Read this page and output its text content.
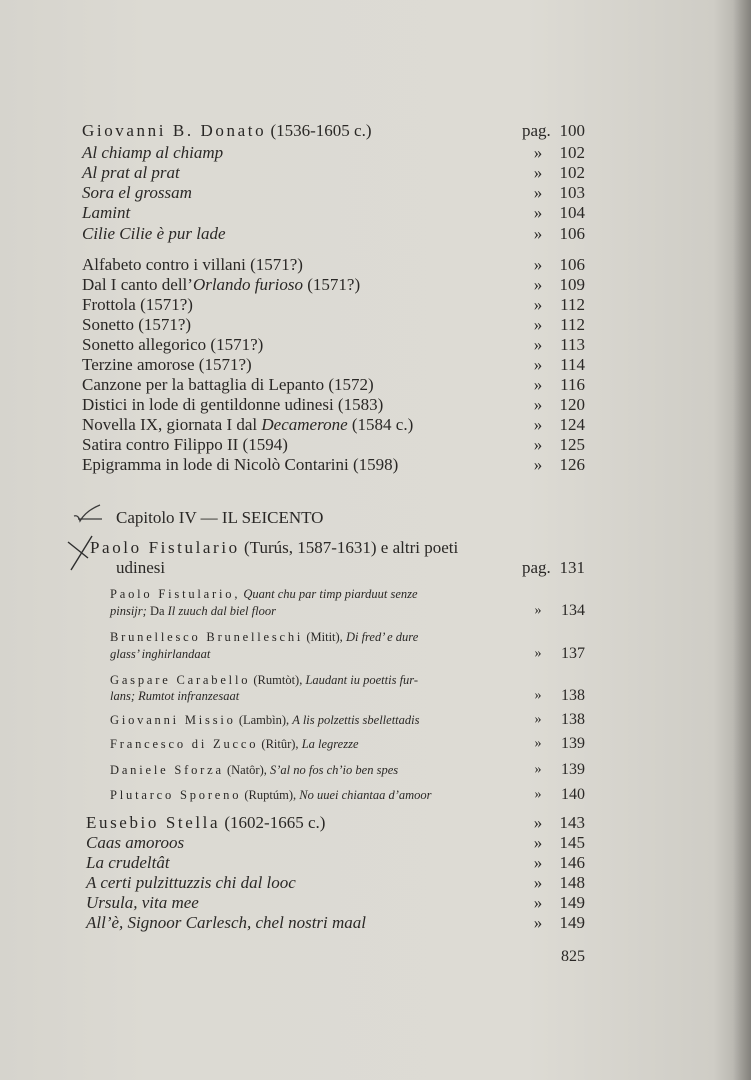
Giovanni B. Donato (1536-1605 c.)	pag. 100
Al chiamp al chiamp	»	102
Al prat al prat	»	102
Sora el grossam	»	103
Lamint	»	104
Cilie Cilie è pur lade	»	106
Alfabeto contro i villani (1571?)	»	106
Dal I canto dell’Orlando furioso (1571?)	»	109
Frottola (1571?)	»	112
Sonetto (1571?)	»	112
Sonetto allegorico (1571?)	»	113
Terzine amorose (1571?)	»	114
Canzone per la battaglia di Lepanto (1572)	»	116
Distici in lode di gentildonne udinesi (1583)	»	120
Novella IX, giornata I dal Decamerone (1584 c.)	»	124
Satira contro Filippo II (1594)	»	125
Epigramma in lode di Nicolò Contarini (1598)	»	126
Capitolo IV — IL SEICENTO
Paolo Fistulario (Turús, 1587-1631) e altri poeti
udinesi	pag. 131
Paolo Fistulario, Quant chu par timp piarduut senze
pinsijr; Da Il zuuch dal biel floor	»	134
Brunellesco Brunelleschi (Mitit), Di fred’ e dure
glass’ inghirlandaat	»	137
Gaspare Carabello (Rumtòt), Laudant iu poettis fur-
lans; Rumtot infranzesaat	»	138
Giovanni Missio (Lambìn), A lis polzettis sbellettadis	»	138
Francesco di Zucco (Ritûr), La legrezze	»	139
Daniele Sforza (Natôr), S’al no fos ch’io ben spes	»	139
Plutarco Sporeno (Ruptúm), No uuei chiantaa d’amoor	»	140
Eusebio Stella (1602-1665 c.)	»	143
Caas amoroos	»	145
La crudeltât	»	146
A certi pulzittuzzis chi dal looc	»	148
Ursula, vita mee	»	149
All’è, Signoor Carlesch, chel nostri maal	»	149
825
